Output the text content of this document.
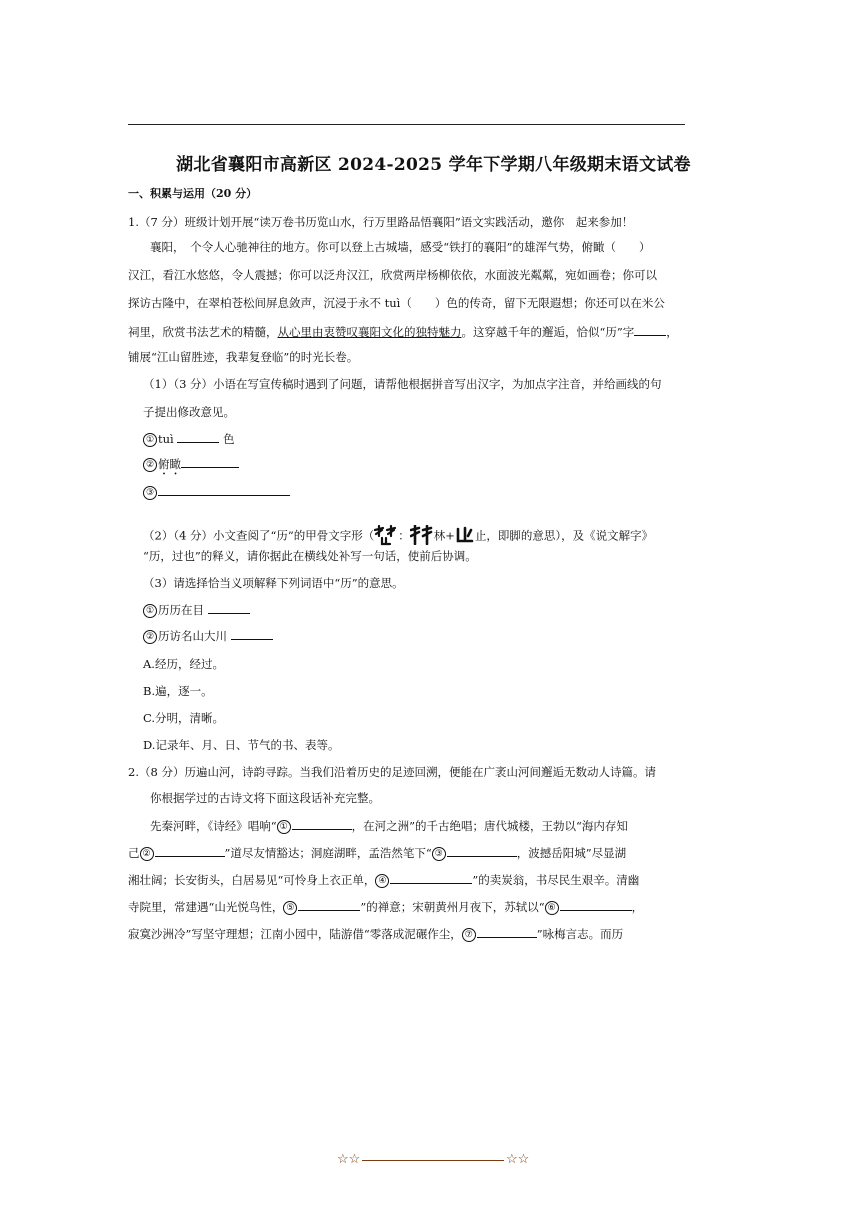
湖北省襄阳市高新区 2024-2025 学年下学期八年级期末语文试卷
一、积累与运用（20 分）
1.（7 分）班级计划开展“读万卷书历览山水，行万里路品悟襄阳”语文实践活动，邀你　起来参加！
襄阳，　个令人心驰神往的地方。你可以登上古城墙，感受“铁打的襄阳”的雄浑气势，俯瞰（　　）
汉江，看江水悠悠，令人震撼；你可以泛舟汉江，欣赏两岸杨柳依依，水面波光粼粼，宛如画卷；你可以
探访古隆中，在翠柏苍松间屏息敛声，沉浸于永不 tuì（　　）色的传奇，留下无限遐想；你还可以在米公
祠里，欣赏书法艺术的精髓，从心里由衷赞叹襄阳文化的独特魅力。这穿越千年的邂逅，恰似“历”字	，
铺展“江山留胜迹，我辈复登临”的时光长卷。
（1）（3 分）小语在写宣传稿时遇到了问题，请帮他根据拼音写出汉字，为加点字注音，并给画线的句
子提出修改意见。
① tuì	色
② 俯瞰
③
（2）（4 分）小文查阅了“历”的甲骨文字形（ ： 林+ 止，即脚的意思），及《说文解字》
“历，过也”的释义，请你据此在横线处补写一句话，使前后协调。
（3）请选择恰当义项解释下列词语中“历”的意思。
① 历历在目
② 历访名山大川
A.经历，经过。
B.遍，逐一。
C.分明，清晰。
D.记录年、月、日、节气的书、表等。
2.（8 分）历遍山河，诗韵寻踪。当我们沿着历史的足迹回溯，便能在广袤山河间邂逅无数动人诗篇。请
你根据学过的古诗文将下面这段话补充完整。
先秦河畔，《诗经》唱响“ ①	，在河之洲”的千古绝唱；唐代城楼，王勃以“海内存知
己 ②	”道尽友情豁达；洞庭湖畔，孟浩然笔下“ ③	，波撼岳阳城”尽显湖
湘壮阔；长安街头，白居易见“可怜身上衣正单， ④	”的卖炭翁，书尽民生艰辛。清幽
寺院里，常建遇“山光悦鸟性， ⑤	”的禅意；宋朝黄州月夜下，苏轼以“ ⑥	，
寂寞沙洲冷”写坚守理想；江南小园中，陆游借“零落成泥碾作尘， ⑦	”咏梅言志。而历
☆☆	☆☆
